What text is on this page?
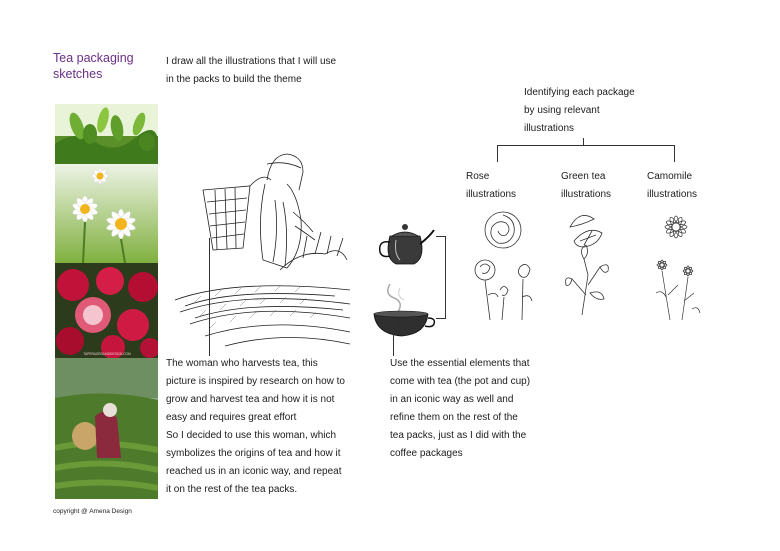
Tea packaging
sketches
I draw all the illustrations that I will use
in the packs to build the theme
Identifying each package
by using relevant
illustrations
Rose
illustrations
Green tea
illustrations
Camomile
illustrations
TAPERAGROUNDDESIGN.COM
The woman who harvests tea, this
picture is inspired by research on how to
grow and harvest tea and how it is not
easy and requires great effort
So I decided to use this woman, which
symbolizes the origins of tea and how it
reached us in an iconic way, and repeat
it on the rest of the tea packs.
Use the essential elements that
come with tea (the pot and cup)
in an iconic way as well and
refine them on the rest of the
tea packs, just as I did with the
coffee packages
copyright @ Amena Design
